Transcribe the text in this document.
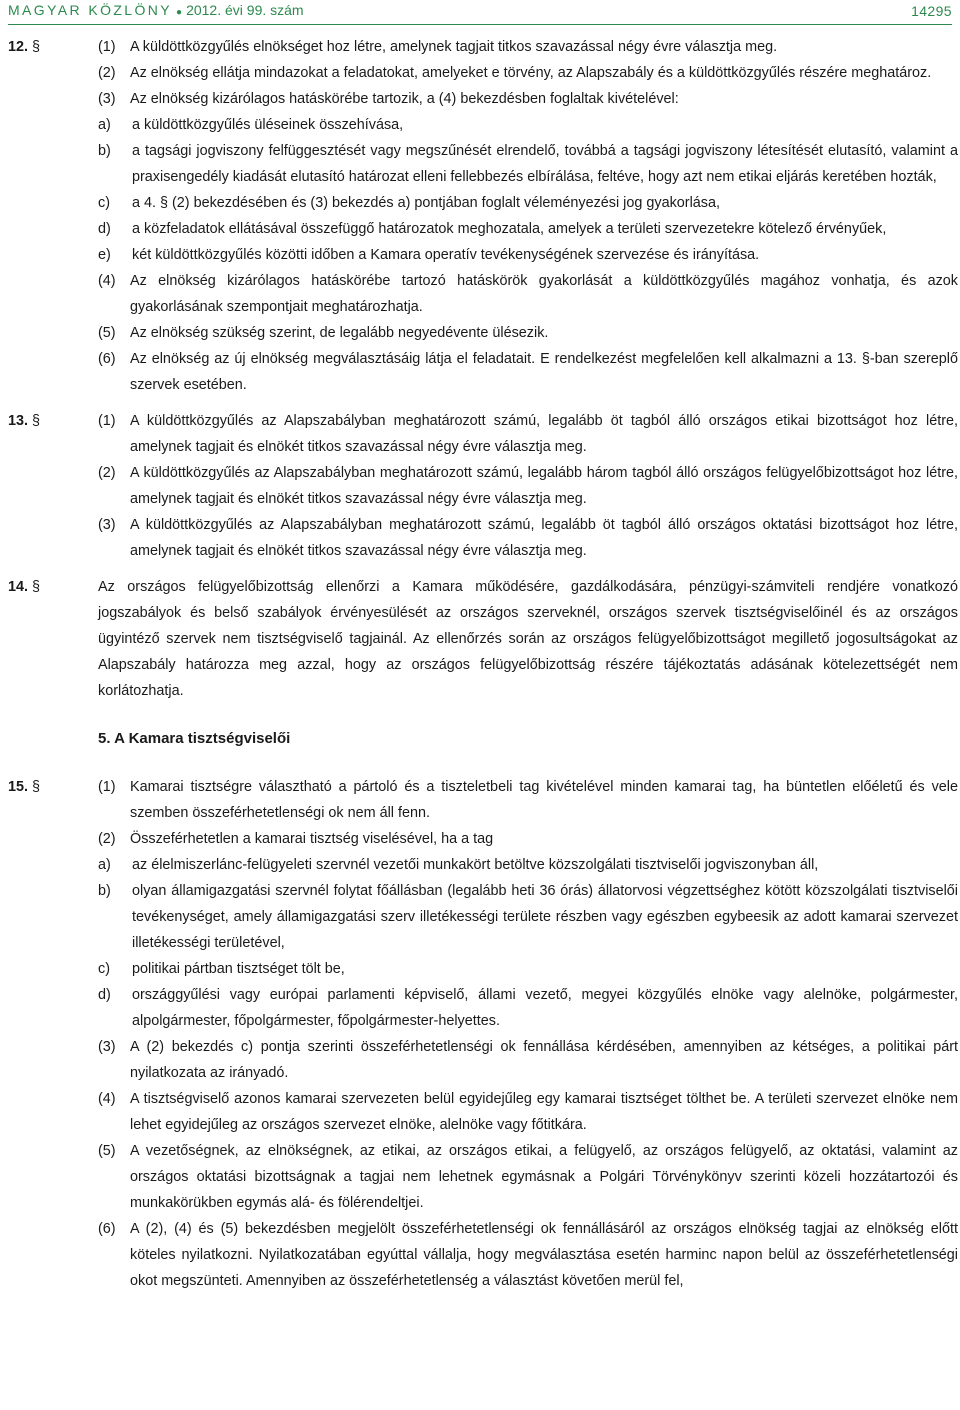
MAGYAR KÖZLÖNY ● 2012. évi 99. szám	14295
12. §	(1)	A küldöttközgyűlés elnökséget hoz létre, amelynek tagjait titkos szavazással négy évre választja meg.
(2)	Az elnökség ellátja mindazokat a feladatokat, amelyeket e törvény, az Alapszabály és a küldöttközgyűlés részére meghatároz.
(3)	Az elnökség kizárólagos hatáskörébe tartozik, a (4) bekezdésben foglaltak kivételével:
a)	a küldöttközgyűlés üléseinek összehívása,
b)	a tagsági jogviszony felfüggesztését vagy megszűnését elrendelő, továbbá a tagsági jogviszony létesítését elutasító, valamint a praxisengedély kiadását elutasító határozat elleni fellebbezés elbírálása, feltéve, hogy azt nem etikai eljárás keretében hozták,
c)	a 4. § (2) bekezdésében és (3) bekezdés a) pontjában foglalt véleményezési jog gyakorlása,
d)	a közfeladatok ellátásával összefüggő határozatok meghozatala, amelyek a területi szervezetekre kötelező érvényűek,
e)	két küldöttközgyűlés közötti időben a Kamara operatív tevékenységének szervezése és irányítása.
(4)	Az elnökség kizárólagos hatáskörébe tartozó hatáskörök gyakorlását a küldöttközgyűlés magához vonhatja, és azok gyakorlásának szempontjait meghatározhatja.
(5)	Az elnökség szükség szerint, de legalább negyedévente ülésezik.
(6)	Az elnökség az új elnökség megválasztásáig látja el feladatait. E rendelkezést megfelelően kell alkalmazni a 13. §-ban szereplő szervek esetében.
13. §	(1)	A küldöttközgyűlés az Alapszabályban meghatározott számú, legalább öt tagból álló országos etikai bizottságot hoz létre, amelynek tagjait és elnökét titkos szavazással négy évre választja meg.
(2)	A küldöttközgyűlés az Alapszabályban meghatározott számú, legalább három tagból álló országos felügyelőbizottságot hoz létre, amelynek tagjait és elnökét titkos szavazással négy évre választja meg.
(3)	A küldöttközgyűlés az Alapszabályban meghatározott számú, legalább öt tagból álló országos oktatási bizottságot hoz létre, amelynek tagjait és elnökét titkos szavazással négy évre választja meg.
14. §	Az országos felügyelőbizottság ellenőrzi a Kamara működésére, gazdálkodására, pénzügyi-számviteli rendjére vonatkozó jogszabályok és belső szabályok érvényesülését az országos szerveknél, országos szervek tisztségviselőinél és az országos ügyintéző szervek nem tisztségviselő tagjainál. Az ellenőrzés során az országos felügyelőbizottságot megillető jogosultságokat az Alapszabály határozza meg azzal, hogy az országos felügyelőbizottság részére tájékoztatás adásának kötelezettségét nem korlátozhatja.
5. A Kamara tisztségviselői
15. §	(1)	Kamarai tisztségre választható a pártoló és a tiszteletbeli tag kivételével minden kamarai tag, ha büntetlen előéletű és vele szemben összeférhetetlenségi ok nem áll fenn.
(2)	Összeférhetetlen a kamarai tisztség viselésével, ha a tag
a)	az élelmiszerlánc-felügyeleti szervnél vezetői munkakört betöltve közszolgálati tisztviselői jogviszonyban áll,
b)	olyan államigazgatási szervnél folytat főállásban (legalább heti 36 órás) állatorvosi végzettséghez kötött közszolgálati tisztviselői tevékenységet, amely államigazgatási szerv illetékességi területe részben vagy egészben egybeesik az adott kamarai szervezet illetékességi területével,
c)	politikai pártban tisztséget tölt be,
d)	országgyűlési vagy európai parlamenti képviselő, állami vezető, megyei közgyűlés elnöke vagy alelnöke, polgármester, alpolgármester, főpolgármester, főpolgármester-helyettes.
(3)	A (2) bekezdés c) pontja szerinti összeférhetetlenségi ok fennállása kérdésében, amennyiben az kétséges, a politikai párt nyilatkozata az irányadó.
(4)	A tisztségviselő azonos kamarai szervezeten belül egyidejűleg egy kamarai tisztséget tölthet be. A területi szervezet elnöke nem lehet egyidejűleg az országos szervezet elnöke, alelnöke vagy főtitkára.
(5)	A vezetőségnek, az elnökségnek, az etikai, az országos etikai, a felügyelő, az országos felügyelő, az oktatási, valamint az országos oktatási bizottságnak a tagjai nem lehetnek egymásnak a Polgári Törvénykönyv szerinti közeli hozzátartozói és munkakörükben egymás alá- és fölérendeltjei.
(6)	A (2), (4) és (5) bekezdésben megjelölt összeférhetetlenségi ok fennállásáról az országos elnökség tagjai az elnökség előtt köteles nyilatkozni. Nyilatkozatában egyúttal vállalja, hogy megválasztása esetén harminc napon belül az összeférhetetlenségi okot megszünteti. Amennyiben az összeférhetetlenség a választást követően merül fel,
